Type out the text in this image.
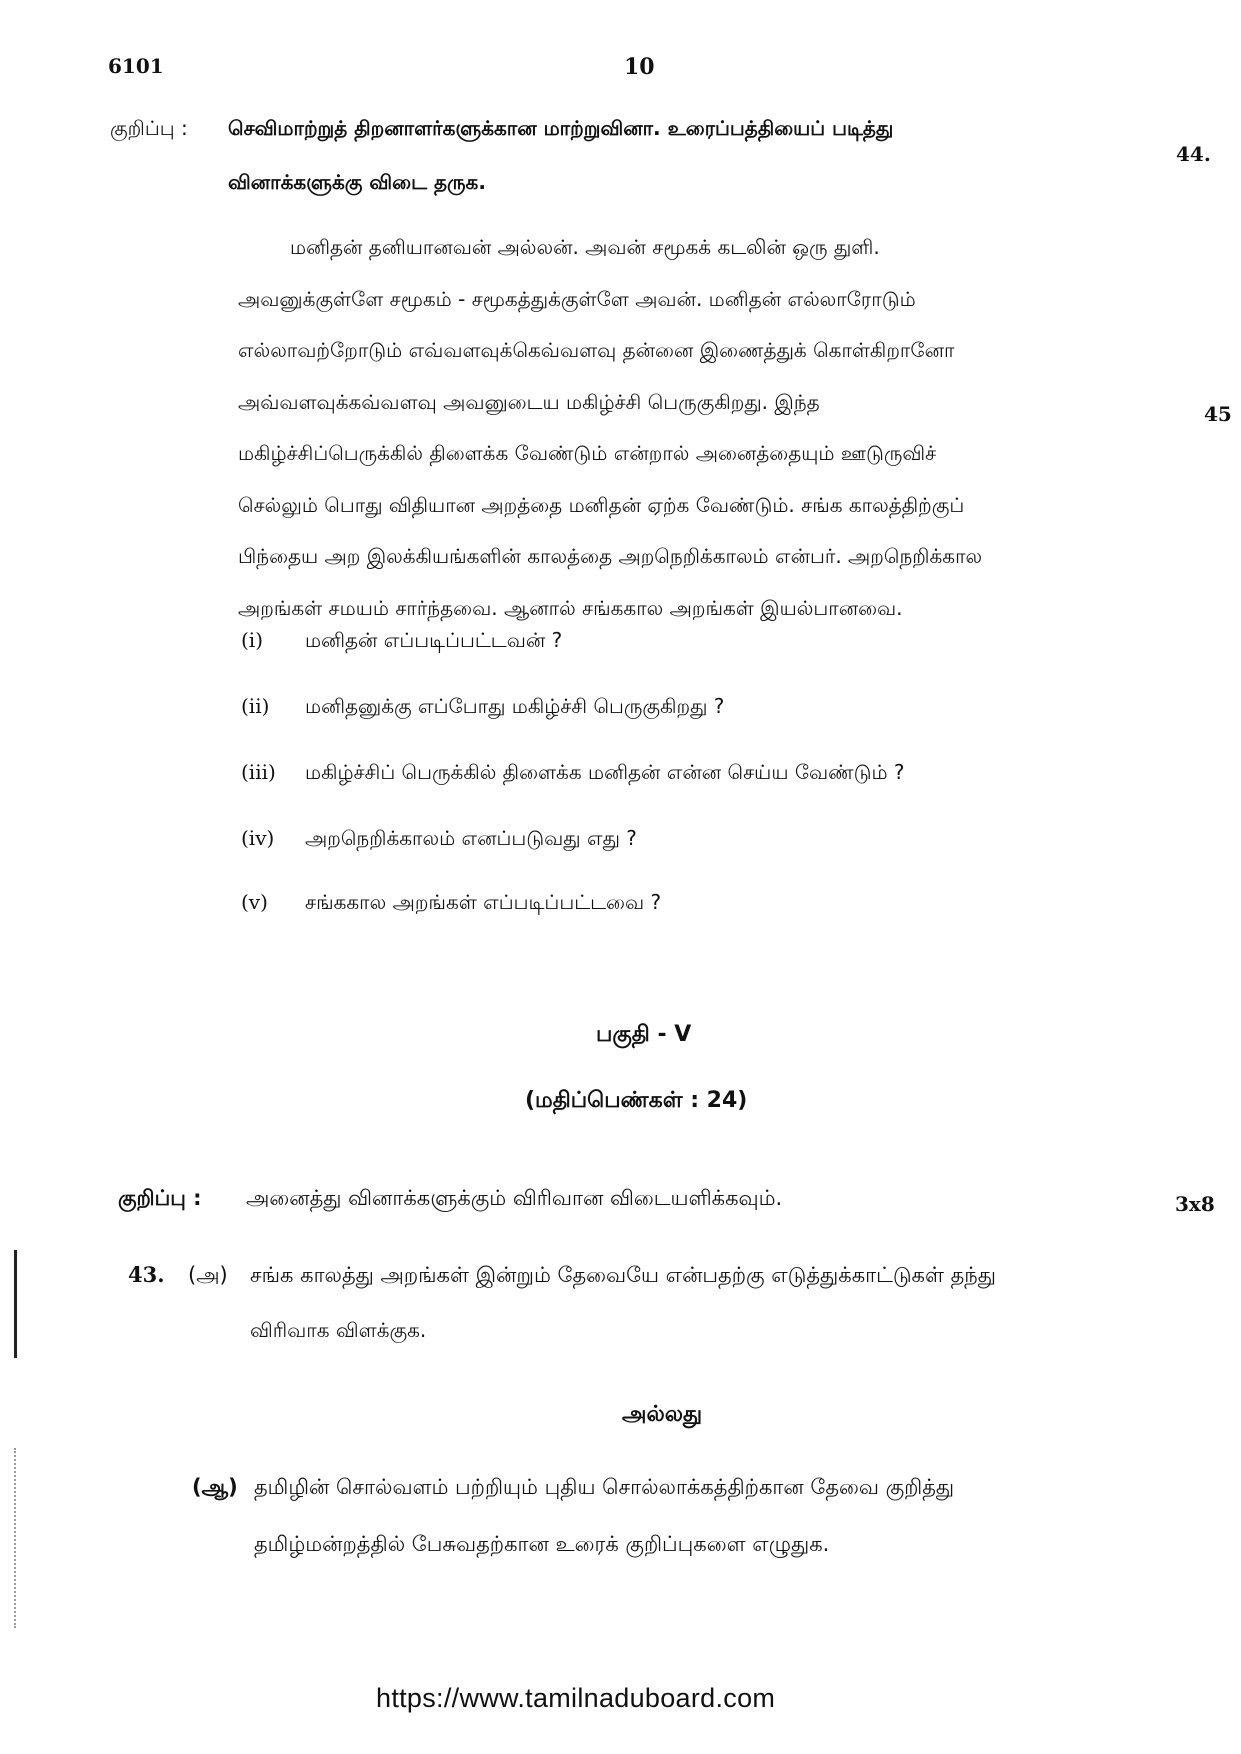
6101	10
44.
45
குறிப்பு : செவிமாற்றுத் திறனாளர்களுக்கான மாற்றுவினா. உரைப்பத்தியைப் படித்து
வினாக்களுக்கு விடை தருக.
மனிதன் தனியானவன் அல்லன். அவன் சமூகக் கடலின் ஒரு துளி.
அவனுக்குள்ளே சமூகம் - சமூகத்துக்குள்ளே அவன். மனிதன் எல்லாரோடும்
எல்லாவற்றோடும் எவ்வளவுக்கெவ்வளவு தன்னை இணைத்துக் கொள்கிறானோ
அவ்வளவுக்கவ்வளவு அவனுடைய மகிழ்ச்சி பெருகுகிறது. இந்த
மகிழ்ச்சிப்பெருக்கில் திளைக்க வேண்டும் என்றால் அனைத்தையும் ஊடுருவிச்
செல்லும் பொது விதியான அறத்தை மனிதன் ஏற்க வேண்டும். சங்க காலத்திற்குப்
பிந்தைய அற இலக்கியங்களின் காலத்தை அறநெறிக்காலம் என்பர். அறநெறிக்கால
அறங்கள் சமயம் சார்ந்தவை. ஆனால் சங்ககால அறங்கள் இயல்பானவை.
(i) மனிதன் எப்படிப்பட்டவன் ?
(ii) மனிதனுக்கு எப்போது மகிழ்ச்சி பெருகுகிறது ?
(iii) மகிழ்ச்சிப் பெருக்கில் திளைக்க மனிதன் என்ன செய்ய வேண்டும் ?
(iv) அறநெறிக்காலம் எனப்படுவது எது ?
(v) சங்ககால அறங்கள் எப்படிப்பட்டவை ?
பகுதி - V
(மதிப்பெண்கள் : 24)
குறிப்பு : அனைத்து வினாக்களுக்கும் விரிவான விடையளிக்கவும்.	3x8
43. (அ) சங்க காலத்து அறங்கள் இன்றும் தேவையே என்பதற்கு எடுத்துக்காட்டுகள் தந்து
விரிவாக விளக்குக.
அல்லது
(ஆ) தமிழின் சொல்வளம் பற்றியும் புதிய சொல்லாக்கத்திற்கான தேவை குறித்து
தமிழ்மன்றத்தில் பேசுவதற்கான உரைக் குறிப்புகளை எழுதுக.
https://www.tamilnaduboard.com
